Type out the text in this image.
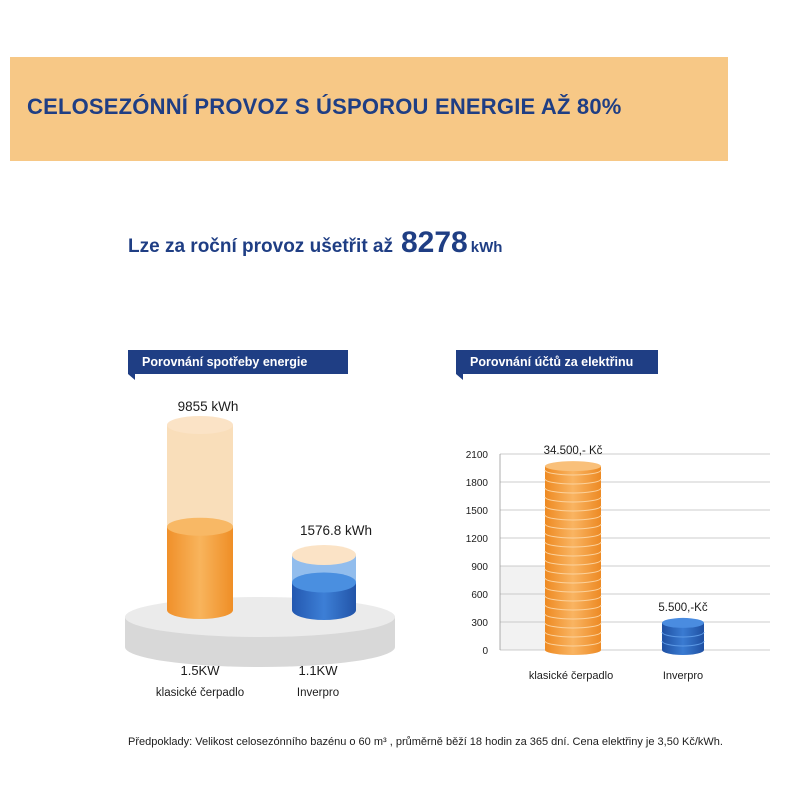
CELOSEZÓNNÍ PROVOZ S ÚSPOROU ENERGIE AŽ 80%
Lze za roční provoz ušetřit až 8278 kWh
Porovnání spotřeby energie	Porovnání účtů za elektřinu
9855 kWh
1.5KW
klasické čerpadlo
1576.8 kWh
1.1KW
Inverpro
0
300
600
900
1200
1500
1800
2100	34.500,- Kč
klasické čerpadlo
5.500,-Kč
Inverpro
Předpoklady: Velikost celosezónního bazénu o 60 m³ , průměrně běží 18 hodin za 365 dní. Cena elektřiny je 3,50 Kč/kWh.
